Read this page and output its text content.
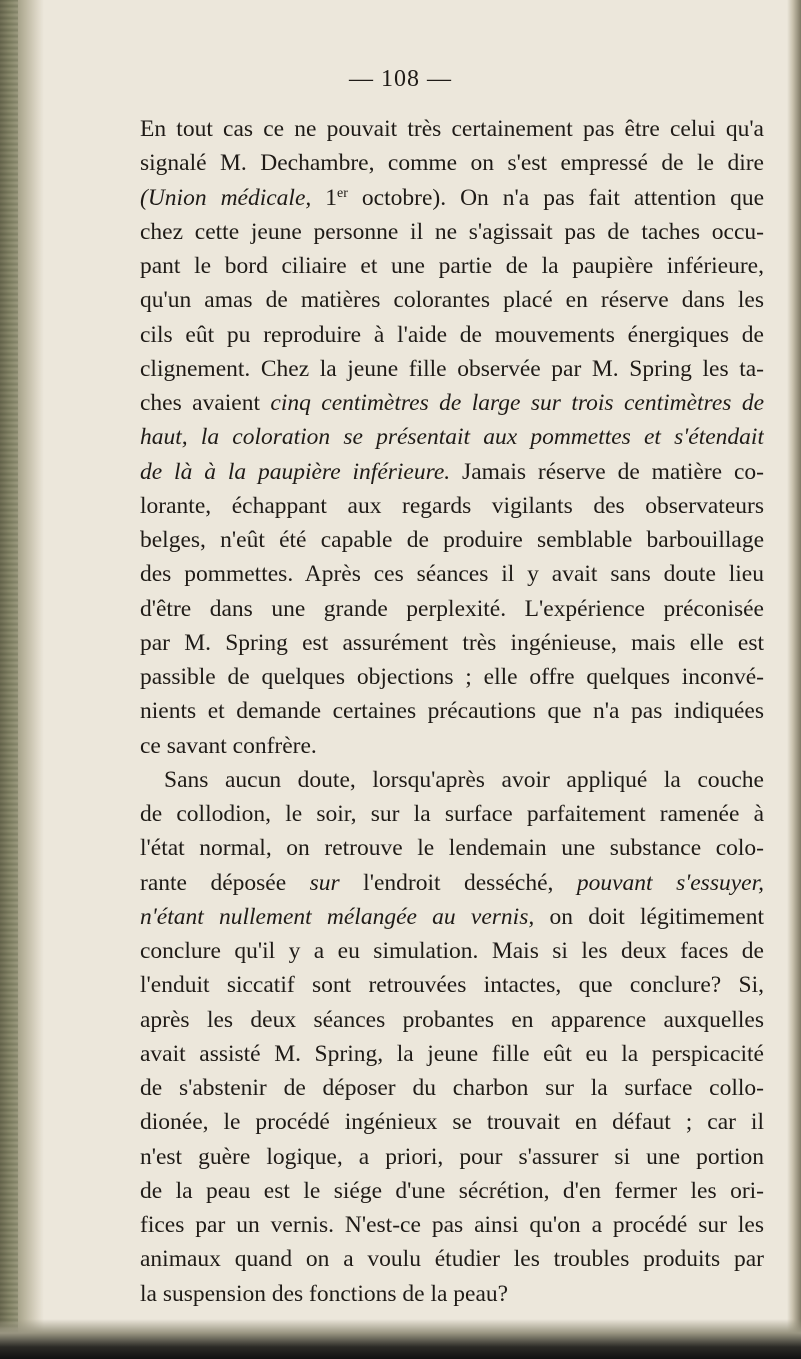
— 108 —
En tout cas ce ne pouvait très certainement pas être celui qu'a
signalé M. Dechambre, comme on s'est empressé de le dire
(Union médicale, 1er octobre). On n'a pas fait attention que
chez cette jeune personne il ne s'agissait pas de taches occu-
pant le bord ciliaire et une partie de la paupière inférieure,
qu'un amas de matières colorantes placé en réserve dans les
cils eût pu reproduire à l'aide de mouvements énergiques de
clignement. Chez la jeune fille observée par M. Spring les ta-
ches avaient cinq centimètres de large sur trois centimètres de
haut, la coloration se présentait aux pommettes et s'étendait
de là à la paupière inférieure. Jamais réserve de matière co-
lorante, échappant aux regards vigilants des observateurs
belges, n'eût été capable de produire semblable barbouillage
des pommettes. Après ces séances il y avait sans doute lieu
d'être dans une grande perplexité. L'expérience préconisée
par M. Spring est assurément très ingénieuse, mais elle est
passible de quelques objections ; elle offre quelques inconvé-
nients et demande certaines précautions que n'a pas indiquées
ce savant confrère.
Sans aucun doute, lorsqu'après avoir appliqué la couche
de collodion, le soir, sur la surface parfaitement ramenée à
l'état normal, on retrouve le lendemain une substance colo-
rante déposée sur l'endroit desséché, pouvant s'essuyer,
n'étant nullement mélangée au vernis, on doit légitimement
conclure qu'il y a eu simulation. Mais si les deux faces de
l'enduit siccatif sont retrouvées intactes, que conclure? Si,
après les deux séances probantes en apparence auxquelles
avait assisté M. Spring, la jeune fille eût eu la perspicacité
de s'abstenir de déposer du charbon sur la surface collo-
dionée, le procédé ingénieux se trouvait en défaut ; car il
n'est guère logique, a priori, pour s'assurer si une portion
de la peau est le siége d'une sécrétion, d'en fermer les ori-
fices par un vernis. N'est-ce pas ainsi qu'on a procédé sur les
animaux quand on a voulu étudier les troubles produits par
la suspension des fonctions de la peau?
